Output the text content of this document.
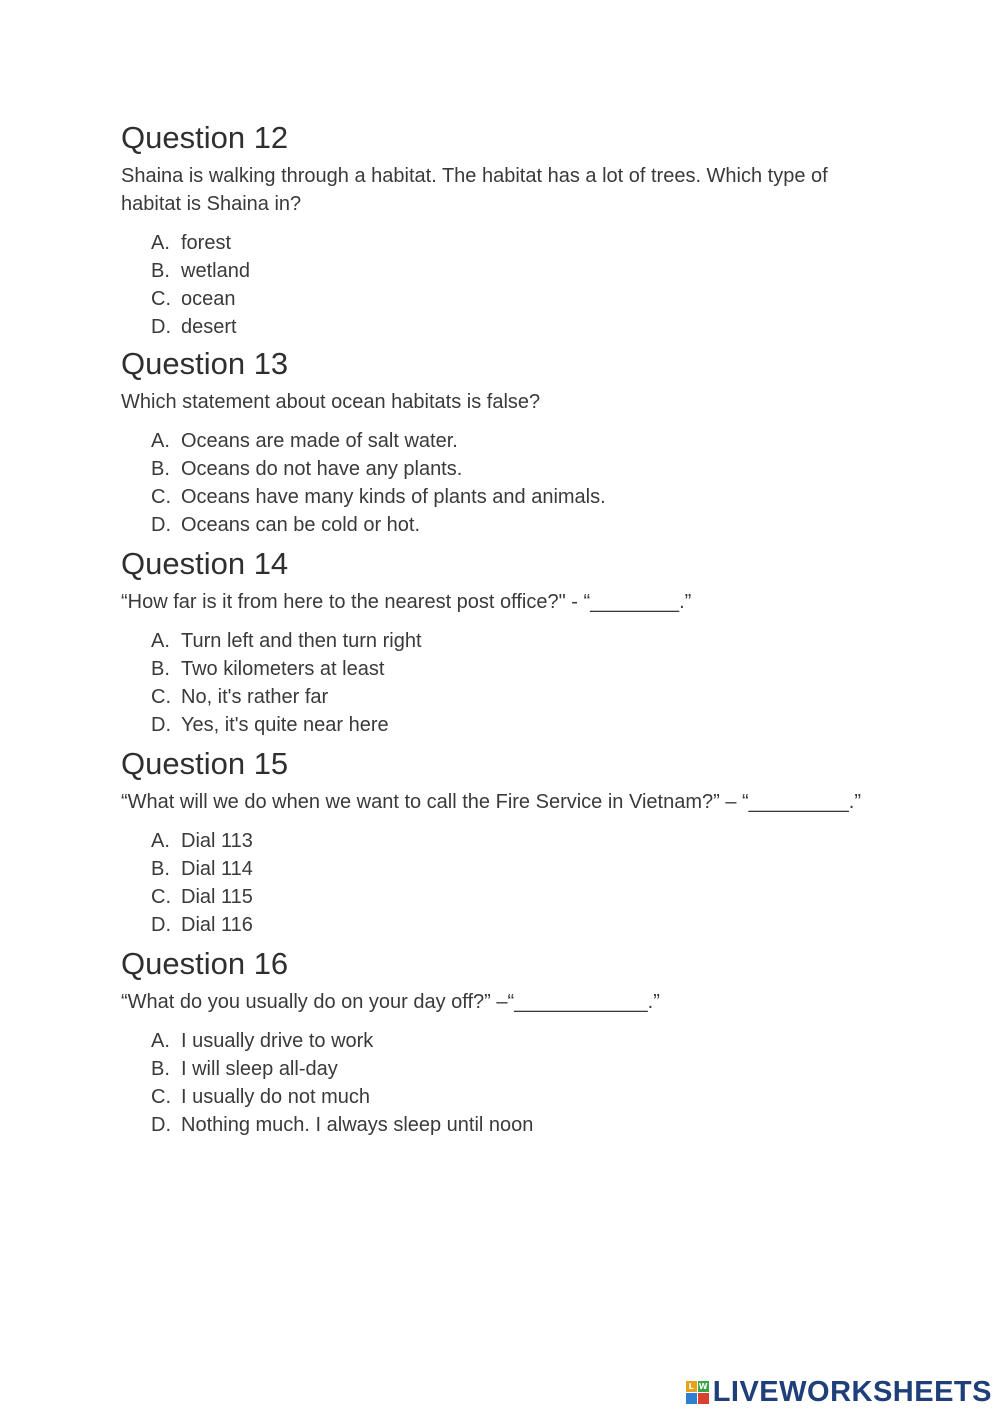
Question 12

Shaina is walking through a habitat. The habitat has a lot of trees. Which type of habitat is Shaina in?

A. forest
B. wetland
C. ocean
D. desert
Question 13

Which statement about ocean habitats is false?

A. Oceans are made of salt water.
B. Oceans do not have any plants.
C. Oceans have many kinds of plants and animals.
D. Oceans can be cold or hot.
Question 14

“How far is it from here to the nearest post office?" - “________.”

A. Turn left and then turn right
B. Two kilometers at least
C. No, it's rather far
D. Yes, it's quite near here
Question 15

“What will we do when we want to call the Fire Service in Vietnam?” – “_________.”

A. Dial 113
B. Dial 114
C. Dial 115
D. Dial 116
Question 16

“What do you usually do on your day off?” –“____________.”

A. I usually drive to work
B. I will sleep all-day
C. I usually do not much
D. Nothing much. I always sleep until noon
L W LIVEWORKSHEETS
